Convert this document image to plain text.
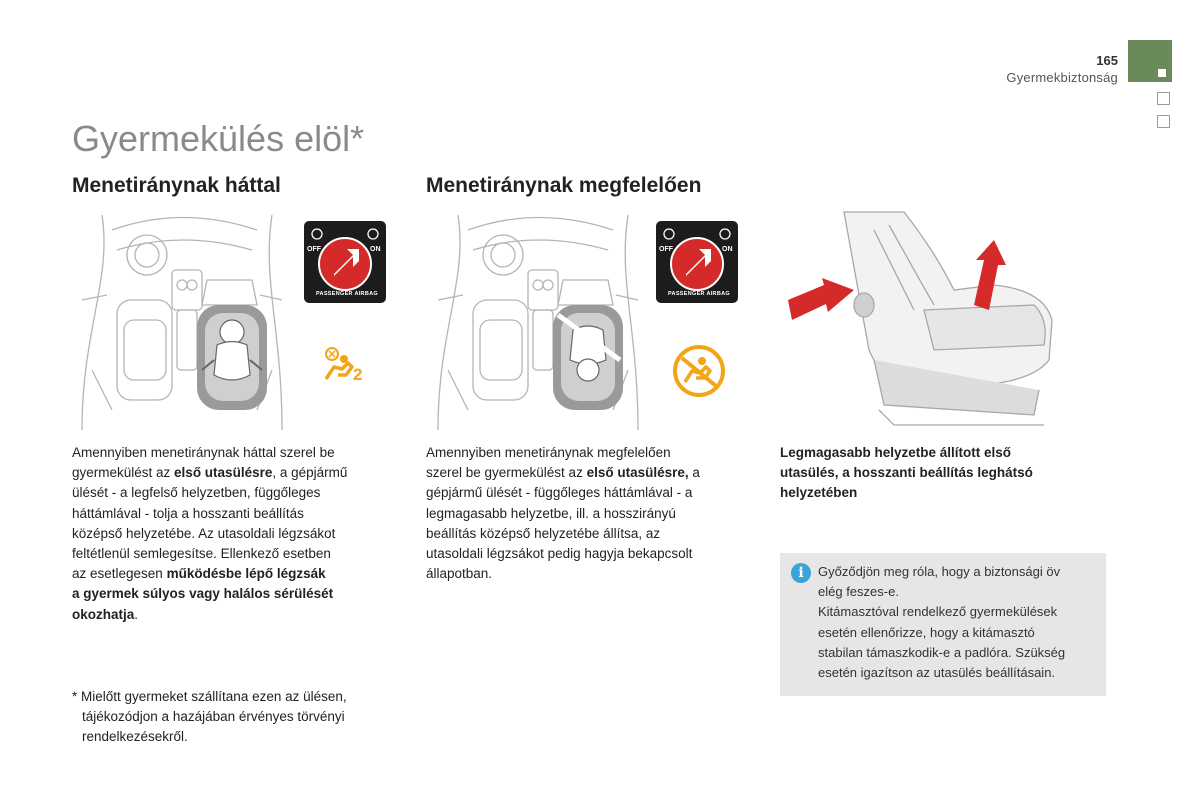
165
Gyermekbiztonság
Gyermekülés elöl*
Menetiránynak háttal	Menetiránynak megfelelően
OFF	ON
PASSENGER AIRBAG
2
OFF	ON
PASSENGER AIRBAG
Amennyiben menetiránynak háttal szerel be
gyermekülést az első utasülésre, a gépjármű
ülését - a legfelső helyzetben, függőleges
háttámlával - tolja a hosszanti beállítás
középső helyzetébe. Az utasoldali légzsákot
feltétlenül semlegesítse. Ellenkező esetben
az esetlegesen működésbe lépő légzsák
a gyermek súlyos vagy halálos sérülését
okozhatja.
Amennyiben menetiránynak megfelelően
szerel be gyermekülést az első utasülésre, a
gépjármű ülését - függőleges háttámlával - a
legmagasabb helyzetbe, ill. a hosszirányú
beállítás középső helyzetébe állítsa, az
utasoldali légzsákot pedig hagyja bekapcsolt
állapotban.
Legmagasabb helyzetbe állított első
utasülés, a hosszanti beállítás leghátsó
helyzetében
i	Győződjön meg róla, hogy a biztonsági öv
elég feszes-e.
Kitámasztóval rendelkező gyermekülések
esetén ellenőrizze, hogy a kitámasztó
stabilan támaszkodik-e a padlóra. Szükség
esetén igazítson az utasülés beállításain.
* Mielőtt gyermeket szállítana ezen az ülésen,
tájékozódjon a hazájában érvényes törvényi
rendelkezésekről.
